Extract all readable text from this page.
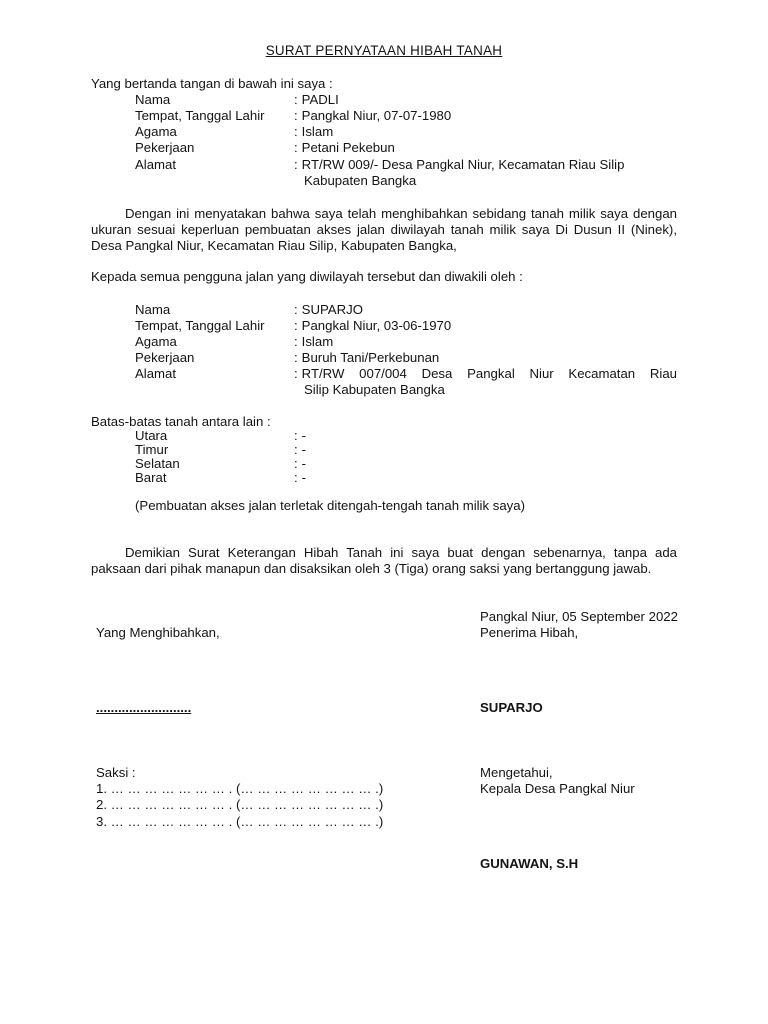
SURAT PERNYATAAN HIBAH TANAH
Yang bertanda tangan di bawah ini saya :
Nama	: PADLI
Tempat, Tanggal Lahir : Pangkal Niur, 07-07-1980
Agama	: Islam
Pekerjaan	: Petani Pekebun
Alamat	: RT/RW 009/- Desa Pangkal Niur, Kecamatan Riau Silip
Kabupaten Bangka
Dengan ini menyatakan bahwa saya telah menghibahkan sebidang tanah milik saya dengan ukuran sesuai keperluan pembuatan akses jalan diwilayah tanah milik saya Di Dusun II (Ninek), Desa Pangkal Niur, Kecamatan Riau Silip, Kabupaten Bangka,
Kepada semua pengguna jalan yang diwilayah tersebut dan diwakili oleh :
Nama	: SUPARJO
Tempat, Tanggal Lahir : Pangkal Niur, 03-06-1970
Agama	: Islam
Pekerjaan	: Buruh Tani/Perkebunan
Alamat	: RT/RW 007/004 Desa Pangkal Niur Kecamatan Riau
Silip Kabupaten Bangka
Batas-batas tanah antara lain :
Utara	: -
Timur	: -
Selatan	: -
Barat	: -
(Pembuatan akses jalan terletak ditengah-tengah tanah milik saya)
Demikian Surat Keterangan Hibah Tanah ini saya buat dengan sebenarnya, tanpa ada paksaan dari pihak manapun dan disaksikan oleh 3 (Tiga) orang saksi yang bertanggung jawab.
Pangkal Niur, 05 September 2022
Penerima Hibah,
Yang Menghibahkan,
..........................	SUPARJO
Saksi :
1. … … … … … … … . (… … … … … … … … .)
2. … … … … … … … . (… … … … … … … … .)
3. … … … … … … … . (… … … … … … … … .)
Mengetahui,
Kepala Desa Pangkal Niur
GUNAWAN, S.H
